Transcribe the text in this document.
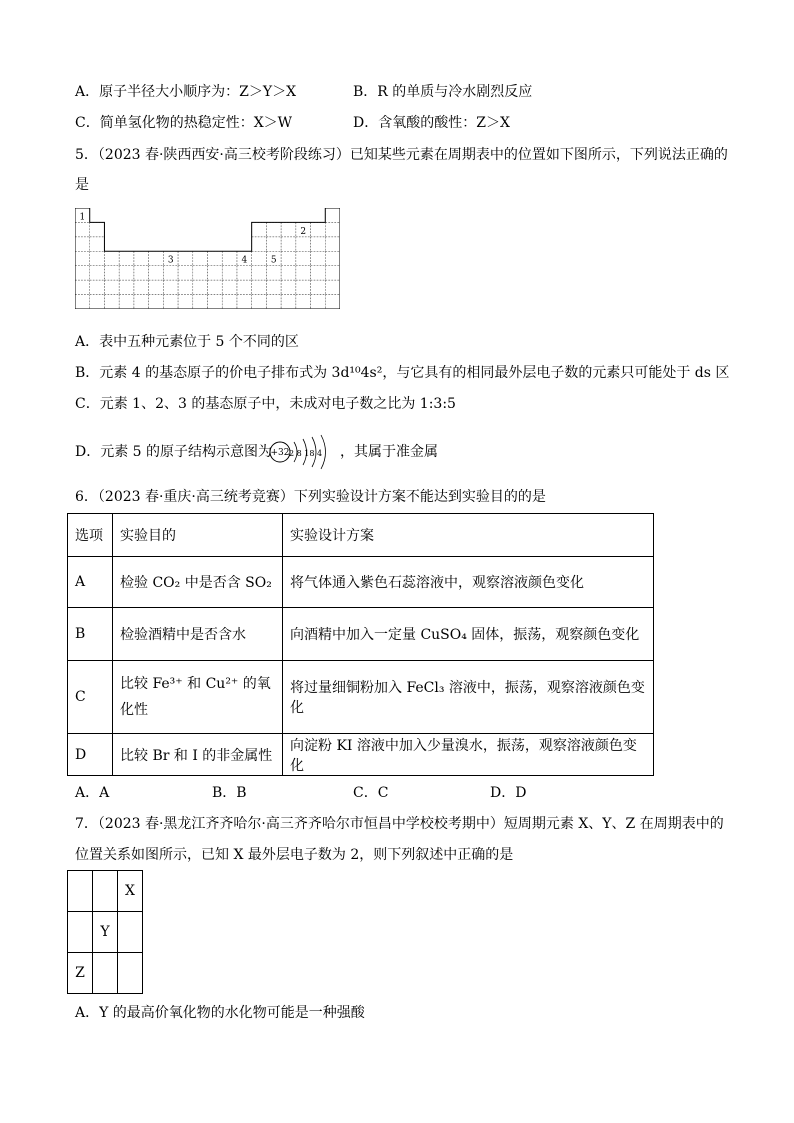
A．原子半径大小顺序为：Z＞Y＞X	B．R 的单质与冷水剧烈反应
C．简单氢化物的热稳定性：X＞W	D．含氧酸的酸性：Z＞X
5．（2023 春·陕西西安·高三校考阶段练习）已知某些元素在周期表中的位置如下图所示，下列说法正确的
是
1
2
3	4	5
A．表中五种元素位于 5 个不同的区
B．元素 4 的基态原子的价电子排布式为 3d¹⁰4s²，与它具有的相同最外层电子数的元素只可能处于 ds 区
C．元素 1、2、3 的基态原子中，未成对电子数之比为 1:3:5
D．元素 5 的原子结构示意图为
+32 2 8 18 4 ，其属于准金属
6．（2023 春·重庆·高三统考竞赛）下列实验设计方案不能达到实验目的的是
选项	实验目的	实验设计方案
A	检验 CO₂ 中是否含 SO₂	将气体通入紫色石蕊溶液中，观察溶液颜色变化
B	检验酒精中是否含水	向酒精中加入一定量 CuSO₄ 固体，振荡，观察颜色变化
C	比较 Fe³⁺ 和 Cu²⁺ 的氧化性	将过量细铜粉加入 FeCl₃ 溶液中，振荡，观察溶液颜色变化
D	比较 Br 和 I 的非金属性	向淀粉 KI 溶液中加入少量溴水，振荡，观察溶液颜色变化
A．A	B．B	C．C	D．D
7．（2023 春·黑龙江齐齐哈尔·高三齐齐哈尔市恒昌中学校校考期中）短周期元素 X、Y、Z 在周期表中的
位置关系如图所示，已知 X 最外层电子数为 2，则下列叙述中正确的是
		X
	Y	
Z		
A．Y 的最高价氧化物的水化物可能是一种强酸
